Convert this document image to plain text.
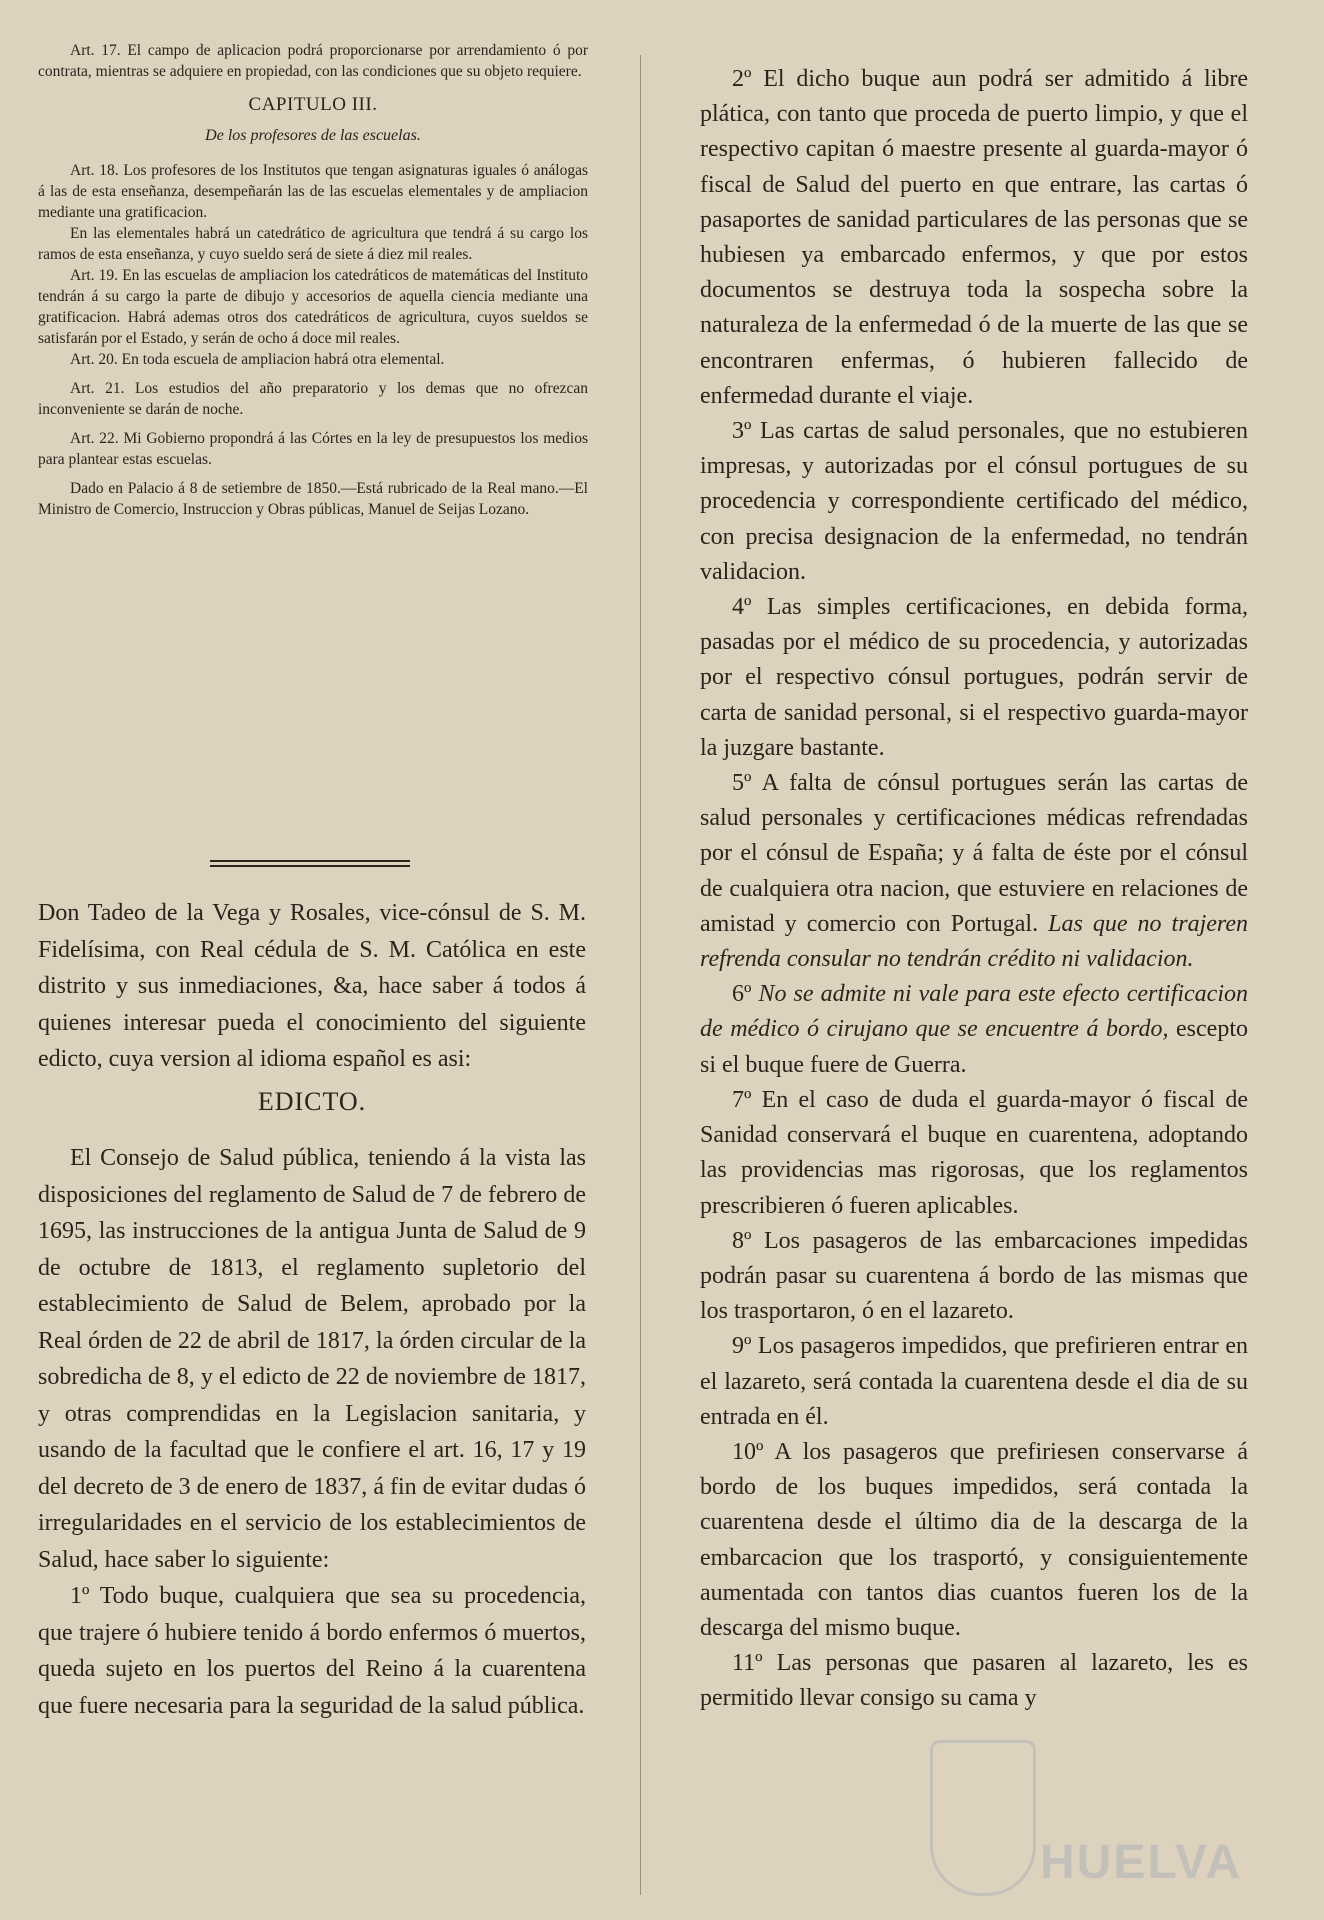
Art. 17. El campo de aplicacion podrá proporcionarse por arrendamiento ó por contrata, mientras se adquiere en propiedad, con las condiciones que su objeto requiere.

CAPITULO III.

De los profesores de las escuelas.

Art. 18. Los profesores de los Institutos que tengan asignaturas iguales ó análogas á las de esta enseñanza, desempeñarán las de las escuelas elementales y de ampliacion mediante una gratificacion.

En las elementales habrá un catedrático de agricultura que tendrá á su cargo los ramos de esta enseñanza, y cuyo sueldo será de siete á diez mil reales.

Art. 19. En las escuelas de ampliacion los catedráticos de matemáticas del Instituto tendrán á su cargo la parte de dibujo y accesorios de aquella ciencia mediante una gratificacion. Habrá ademas otros dos catedráticos de agricultura, cuyos sueldos se satisfarán por el Estado, y serán de ocho á doce mil reales.

Art. 20. En toda escuela de ampliacion habrá otra elemental.

Art. 21. Los estudios del año preparatorio y los demas que no ofrezcan inconveniente se darán de noche.

Art. 22. Mi Gobierno propondrá á las Córtes en la ley de presupuestos los medios para plantear estas escuelas.

Dado en Palacio á 8 de setiembre de 1850.—Está rubricado de la Real mano.—El Ministro de Comercio, Instruccion y Obras públicas, Manuel de Seijas Lozano.

Don Tadeo de la Vega y Rosales, vice-cónsul de S. M. Fidelísima, con Real cédula de S. M. Católica en este distrito y sus inmediaciones, &a, hace saber á todos á quienes interesar pueda el conocimiento del siguiente edicto, cuya version al idioma español es asi:

EDICTO.

El Consejo de Salud pública, teniendo á la vista las disposiciones del reglamento de Salud de 7 de febrero de 1695, las instrucciones de la antigua Junta de Salud de 9 de octubre de 1813, el reglamento supletorio del establecimiento de Salud de Belem, aprobado por la Real órden de 22 de abril de 1817, la órden circular de la sobredicha de 8, y el edicto de 22 de noviembre de 1817, y otras comprendidas en la Legislacion sanitaria, y usando de la facultad que le confiere el art. 16, 17 y 19 del decreto de 3 de enero de 1837, á fin de evitar dudas ó irregularidades en el servicio de los establecimientos de Salud, hace saber lo siguiente:

1º Todo buque, cualquiera que sea su procedencia, que trajere ó hubiere tenido á bordo enfermos ó muertos, queda sujeto en los puertos del Reino á la cuarentena que fuere necesaria para la seguridad de la salud pública.

2º El dicho buque aun podrá ser admitido á libre plática, con tanto que proceda de puerto limpio, y que el respectivo capitan ó maestre presente al guarda-mayor ó fiscal de Salud del puerto en que entrare, las cartas ó pasaportes de sanidad particulares de las personas que se hubiesen ya embarcado enfermos, y que por estos documentos se destruya toda la sospecha sobre la naturaleza de la enfermedad ó de la muerte de las que se encontraren enfermas, ó hubieren fallecido de enfermedad durante el viaje.

3º Las cartas de salud personales, que no estubieren impresas, y autorizadas por el cónsul portugues de su procedencia y correspondiente certificado del médico, con precisa designacion de la enfermedad, no tendrán validacion.

4º Las simples certificaciones, en debida forma, pasadas por el médico de su procedencia, y autorizadas por el respectivo cónsul portugues, podrán servir de carta de sanidad personal, si el respectivo guarda-mayor la juzgare bastante.

5º A falta de cónsul portugues serán las cartas de salud personales y certificaciones médicas refrendadas por el cónsul de España; y á falta de éste por el cónsul de cualquiera otra nacion, que estuviere en relaciones de amistad y comercio con Portugal. Las que no trajeren refrenda consular no tendrán crédito ni validacion.

6º No se admite ni vale para este efecto certificacion de médico ó cirujano que se encuentre á bordo, escepto si el buque fuere de Guerra.

7º En el caso de duda el guarda-mayor ó fiscal de Sanidad conservará el buque en cuarentena, adoptando las providencias mas rigorosas, que los reglamentos prescribieren ó fueren aplicables.

8º Los pasageros de las embarcaciones impedidas podrán pasar su cuarentena á bordo de las mismas que los trasportaron, ó en el lazareto.

9º Los pasageros impedidos, que prefirieren entrar en el lazareto, será contada la cuarentena desde el dia de su entrada en él.

10º A los pasageros que prefiriesen conservarse á bordo de los buques impedidos, será contada la cuarentena desde el último dia de la descarga de la embarcacion que los trasportó, y consiguientemente aumentada con tantos dias cuantos fueren los de la descarga del mismo buque.

11º Las personas que pasaren al lazareto, les es permitido llevar consigo su cama y

HUELVA
